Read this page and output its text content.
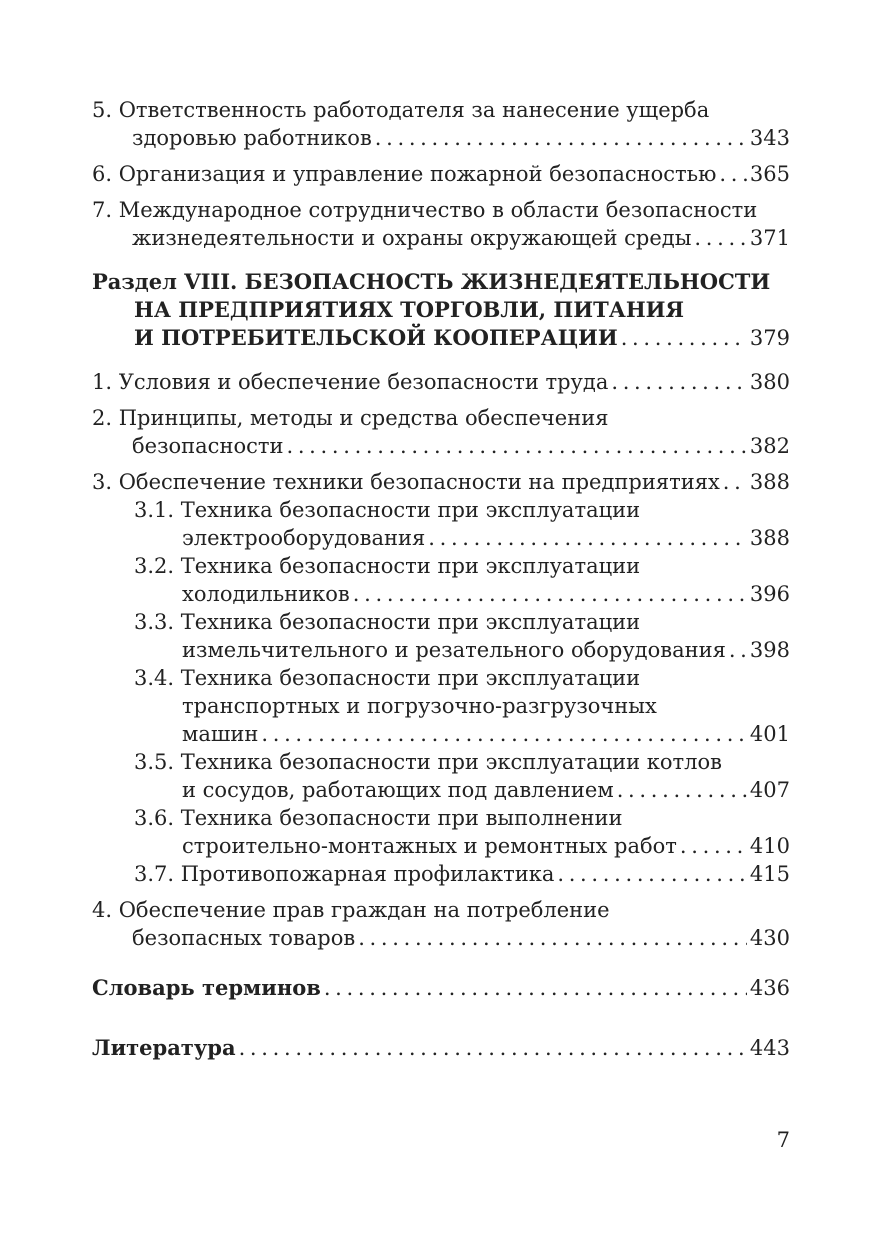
5. Ответственность работодателя за нанесение ущерба
здоровью работников . . .	343
6. Организация и управление пожарной безопасностью . . . 365
7. Международное сотрудничество в области безопасности
жизнедеятельности и охраны окружающей среды . . .	371
Раздел VIII. БЕЗОПАСНОСТЬ ЖИЗНЕДЕЯТЕЛЬНОСТИ
НА ПРЕДПРИЯТИЯХ ТОРГОВЛИ, ПИТАНИЯ
И ПОТРЕБИТЕЛЬСКОЙ КООПЕРАЦИИ . . .	379
1. Условия и обеспечение безопасности труда . . .	380
2. Принципы, методы и средства обеспечения
безопасности . . .	382
3. Обеспечение техники безопасности на предприятиях . . . 388
3.1. Техника безопасности при эксплуатации
электрооборудования . . .	388
3.2. Техника безопасности при эксплуатации
холодильников . . .	396
3.3. Техника безопасности при эксплуатации
измельчительного и резательного оборудования . . . 398
3.4. Техника безопасности при эксплуатации
транспортных и погрузочно-разгрузочных
машин . . .	401
3.5. Техника безопасности при эксплуатации котлов
и сосудов, работающих под давлением . . .	407
3.6. Техника безопасности при выполнении
строительно-монтажных и ремонтных работ . . .	410
3.7. Противопожарная профилактика . . .	415
4. Обеспечение прав граждан на потребление
безопасных товаров . . .	430
Словарь терминов . . .	436
Литература . . .	443
7
